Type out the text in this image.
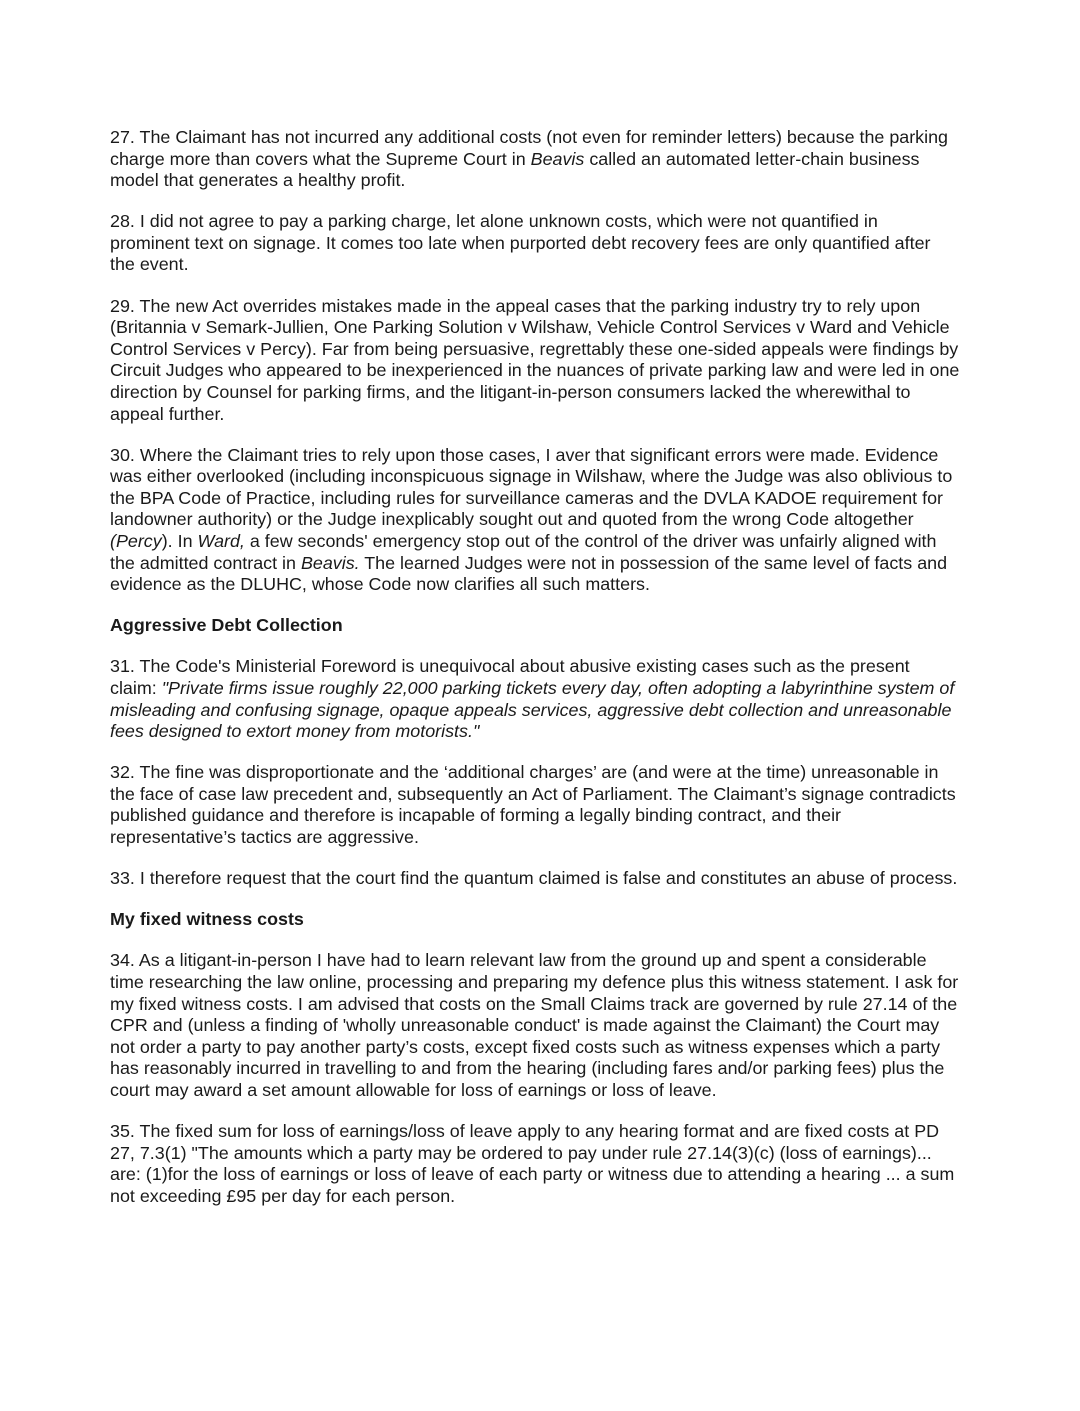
27. The Claimant has not incurred any additional costs (not even for reminder letters) because the parking charge more than covers what the Supreme Court in Beavis called an automated letter-chain business model that generates a healthy profit.

28. I did not agree to pay a parking charge, let alone unknown costs, which were not quantified in prominent text on signage. It comes too late when purported debt recovery fees are only quantified after the event.

29. The new Act overrides mistakes made in the appeal cases that the parking industry try to rely upon (Britannia v Semark-Jullien, One Parking Solution v Wilshaw, Vehicle Control Services v Ward and Vehicle Control Services v Percy). Far from being persuasive, regrettably these one-sided appeals were findings by Circuit Judges who appeared to be inexperienced in the nuances of private parking law and were led in one direction by Counsel for parking firms, and the litigant-in-person consumers lacked the wherewithal to appeal further.

30. Where the Claimant tries to rely upon those cases, I aver that significant errors were made. Evidence was either overlooked (including inconspicuous signage in Wilshaw, where the Judge was also oblivious to the BPA Code of Practice, including rules for surveillance cameras and the DVLA KADOE requirement for landowner authority) or the Judge inexplicably sought out and quoted from the wrong Code altogether (Percy). In Ward, a few seconds' emergency stop out of the control of the driver was unfairly aligned with the admitted contract in Beavis. The learned Judges were not in possession of the same level of facts and evidence as the DLUHC, whose Code now clarifies all such matters.

Aggressive Debt Collection

31. The Code's Ministerial Foreword is unequivocal about abusive existing cases such as the present claim: "Private firms issue roughly 22,000 parking tickets every day, often adopting a labyrinthine system of misleading and confusing signage, opaque appeals services, aggressive debt collection and unreasonable fees designed to extort money from motorists."

32. The fine was disproportionate and the ‘additional charges’ are (and were at the time) unreasonable in the face of case law precedent and, subsequently an Act of Parliament. The Claimant’s signage contradicts published guidance and therefore is incapable of forming a legally binding contract, and their representative’s tactics are aggressive.

33. I therefore request that the court find the quantum claimed is false and constitutes an abuse of process.

My fixed witness costs

34. As a litigant-in-person I have had to learn relevant law from the ground up and spent a considerable time researching the law online, processing and preparing my defence plus this witness statement. I ask for my fixed witness costs. I am advised that costs on the Small Claims track are governed by rule 27.14 of the CPR and (unless a finding of 'wholly unreasonable conduct' is made against the Claimant) the Court may not order a party to pay another party’s costs, except fixed costs such as witness expenses which a party has reasonably incurred in travelling to and from the hearing (including fares and/or parking fees) plus the court may award a set amount allowable for loss of earnings or loss of leave.

35. The fixed sum for loss of earnings/loss of leave apply to any hearing format and are fixed costs at PD 27, 7.3(1) "The amounts which a party may be ordered to pay under rule 27.14(3)(c) (loss of earnings)... are: (1)for the loss of earnings or loss of leave of each party or witness due to attending a hearing ... a sum not exceeding £95 per day for each person.
